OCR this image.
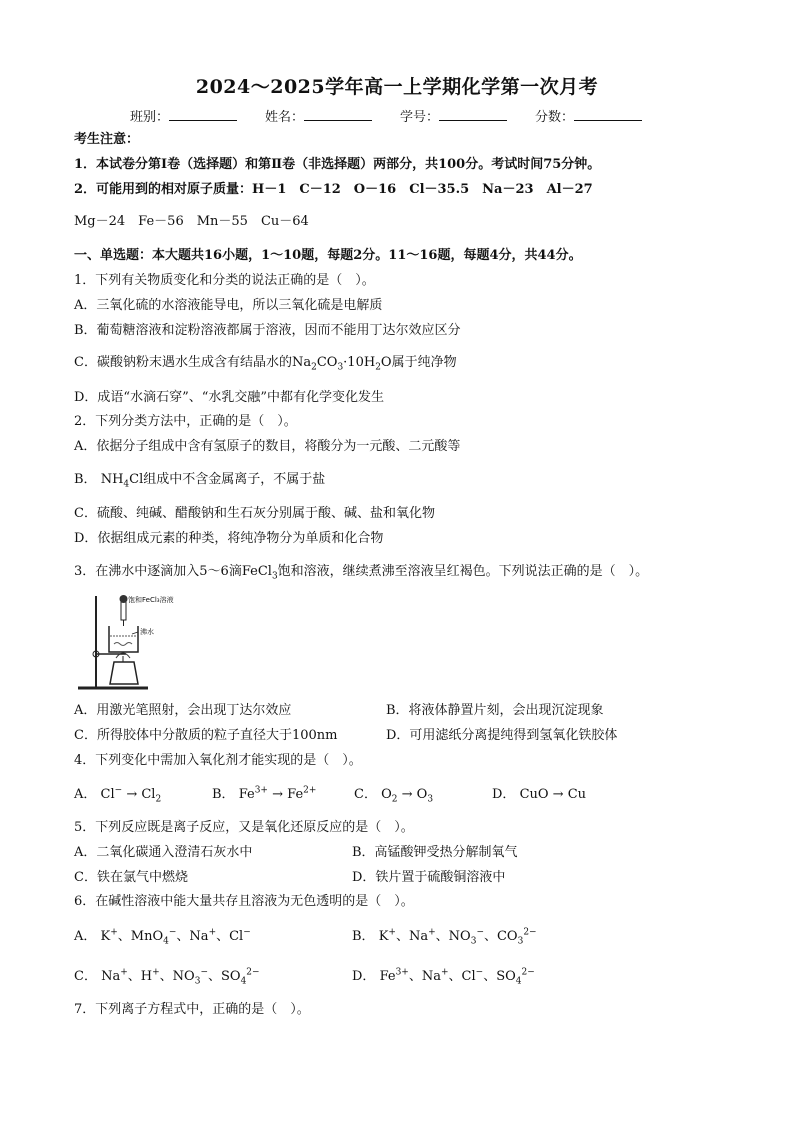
2024～2025学年高一上学期化学第一次月考
班别：	姓名：	学号：	分数：
考生注意：
1．本试卷分第Ⅰ卷（选择题）和第Ⅱ卷（非选择题）两部分，共100分。考试时间75分钟。
2．可能用到的相对原子质量：H－1　C－12　O－16　Cl－35.5　Na－23　Al－27
Mg－24　Fe－56　Mn－55　Cu－64
一、单选题：本大题共16小题，1～10题，每题2分。11～16题，每题4分，共44分。
1．下列有关物质变化和分类的说法正确的是（　）。
A．三氧化硫的水溶液能导电，所以三氧化硫是电解质
B．葡萄糖溶液和淀粉溶液都属于溶液，因而不能用丁达尔效应区分
C．碳酸钠粉末遇水生成含有结晶水的$Na_2CO_3\cdot 10H_2O$属于纯净物
D．成语“水滴石穿”、“水乳交融”中都有化学变化发生
2．下列分类方法中，正确的是（　）。
A．依据分子组成中含有氢原子的数目，将酸分为一元酸、二元酸等
B． $NH_4Cl$组成中不含金属离子，不属于盐
C．硫酸、纯碱、醋酸钠和生石灰分别属于酸、碱、盐和氧化物
D．依据组成元素的种类，将纯净物分为单质和化合物
3．在沸水中逐滴加入5～6滴FeCl$_3$饱和溶液，继续煮沸至溶液呈红褐色。下列说法正确的是（　）。
饱和FeCl₃溶液
沸水
A．用激光笔照射，会出现丁达尔效应	B．将液体静置片刻，会出现沉淀现象
C．所得胶体中分散质的粒子直径大于100nm	D．可用滤纸分离提纯得到氢氧化铁胶体
4．下列变化中需加入氧化剂才能实现的是（　）。
A． $Cl^- \to Cl_2$	B． $Fe^{3+} \to Fe^{2+}$	C． $O_2 \to O_3$	D． CuO → Cu
5．下列反应既是离子反应，又是氧化还原反应的是（　）。
A．二氧化碳通入澄清石灰水中	B．高锰酸钾受热分解制氧气
C．铁在氯气中燃烧	D．铁片置于硫酸铜溶液中
6．在碱性溶液中能大量共存且溶液为无色透明的是（　）。
A． K+、MnO$_4$−、Na+、Cl−	B． K+、Na+、$NO_3^-$、$CO_3^{2-}$
C． Na+、H+、$NO_3^-$、$SO_4^{2-}$	D． $Fe^{3+}$、Na+、Cl−、$SO_4^{2-}$
7．下列离子方程式中，正确的是（　）。
